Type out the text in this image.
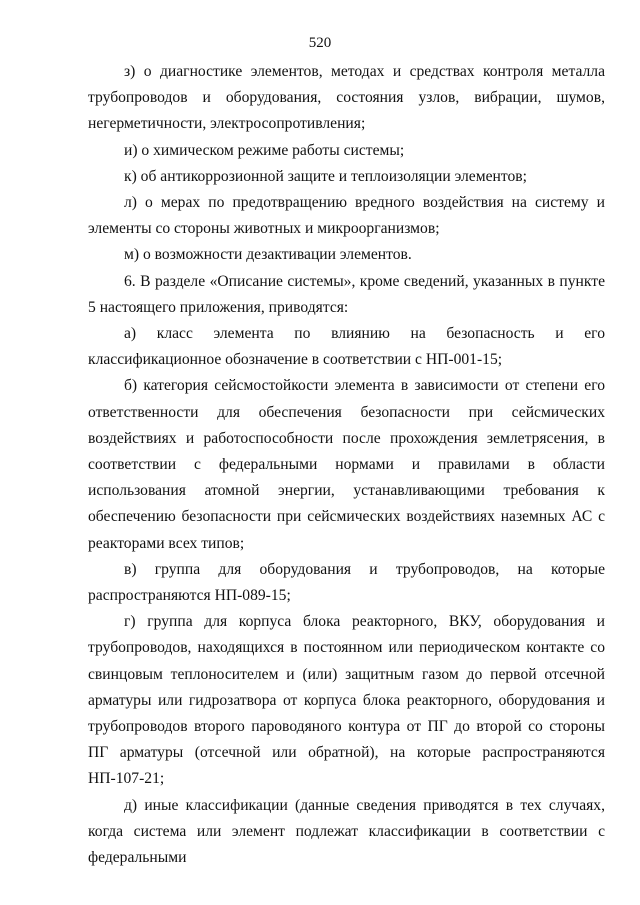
520

з) о диагностике элементов, методах и средствах контроля металла трубопроводов и оборудования, состояния узлов, вибрации, шумов, негерметичности, электросопротивления;

и) о химическом режиме работы системы;

к) об антикоррозионной защите и теплоизоляции элементов;

л) о мерах по предотвращению вредного воздействия на систему и элементы со стороны животных и микроорганизмов;

м) о возможности дезактивации элементов.

6. В разделе «Описание системы», кроме сведений, указанных в пункте 5 настоящего приложения, приводятся:

а) класс элемента по влиянию на безопасность и его классификационное обозначение в соответствии с НП-001-15;

б) категория сейсмостойкости элемента в зависимости от степени его ответственности для обеспечения безопасности при сейсмических воздействиях и работоспособности после прохождения землетрясения, в соответствии с федеральными нормами и правилами в области использования атомной энергии, устанавливающими требования к обеспечению безопасности при сейсмических воздействиях наземных АС с реакторами всех типов;

в) группа для оборудования и трубопроводов, на которые распространяются НП-089-15;

г) группа для корпуса блока реакторного, ВКУ, оборудования и трубопроводов, находящихся в постоянном или периодическом контакте со свинцовым теплоносителем и (или) защитным газом до первой отсечной арматуры или гидрозатвора от корпуса блока реакторного, оборудования и трубопроводов второго пароводяного контура от ПГ до второй со стороны ПГ арматуры (отсечной или обратной), на которые распространяются НП-107-21;

д) иные классификации (данные сведения приводятся в тех случаях, когда система или элемент подлежат классификации в соответствии с федеральными
